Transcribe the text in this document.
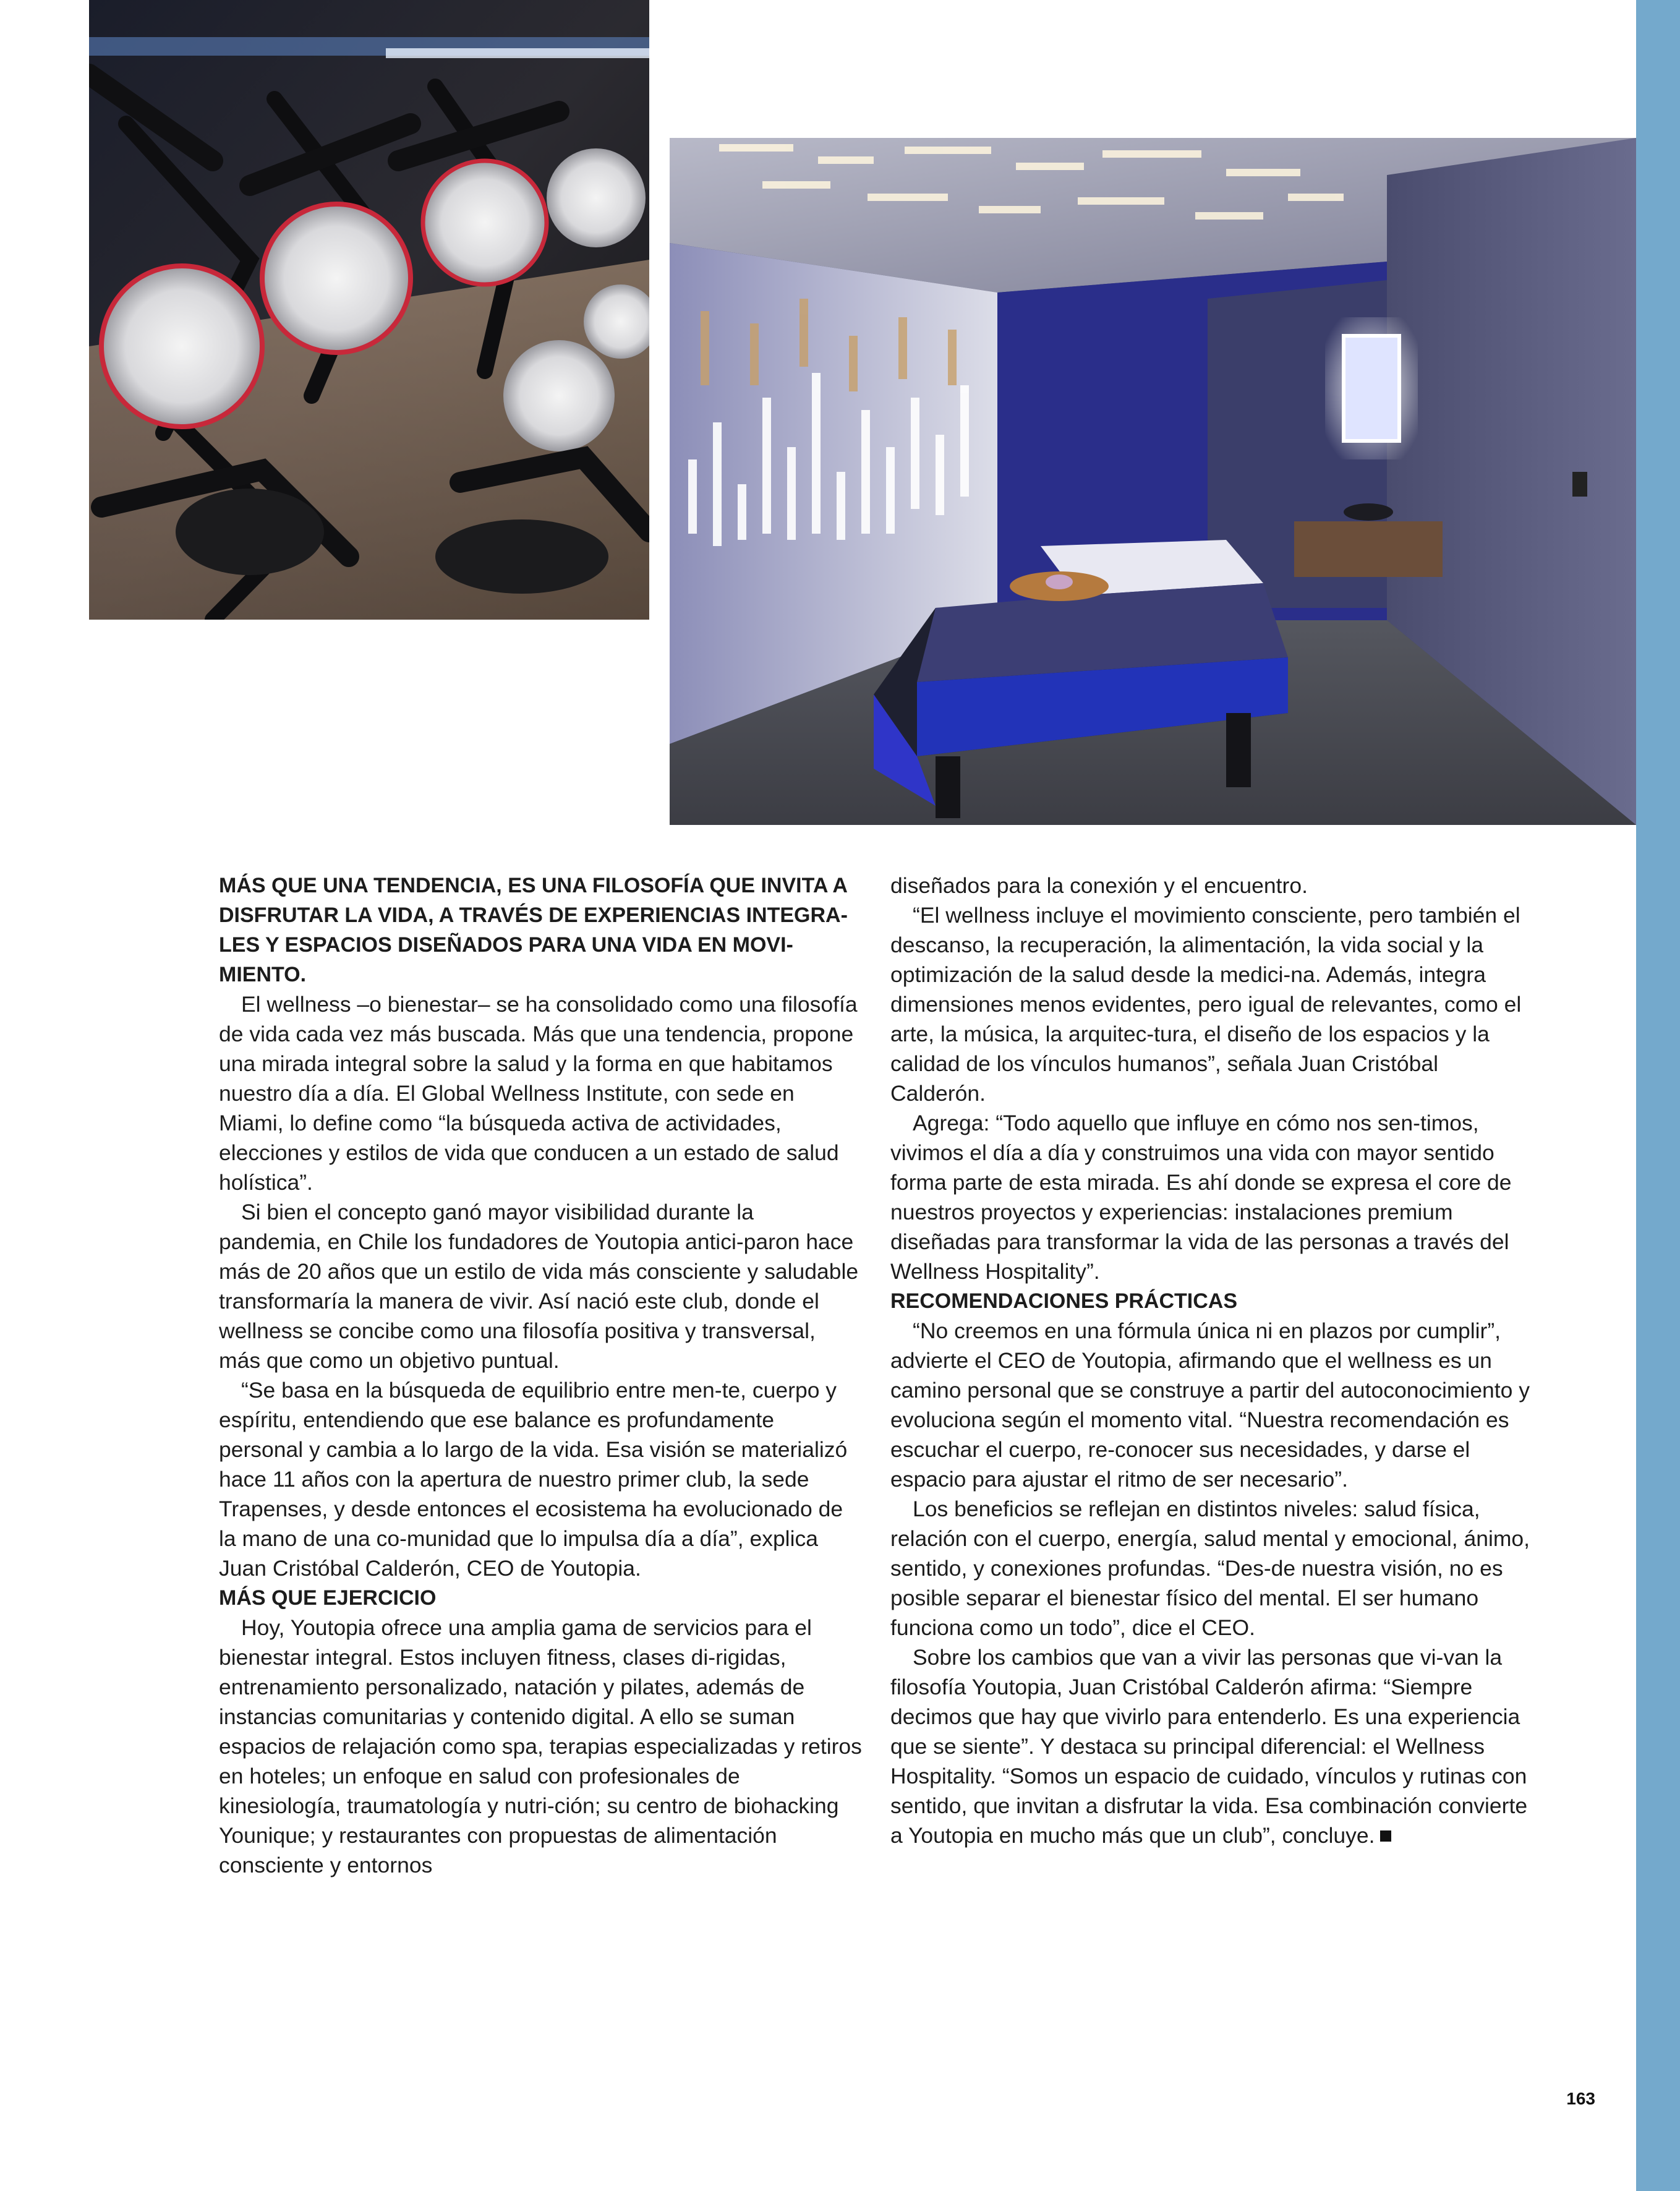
MÁS QUE UNA TENDENCIA, ES UNA FILOSOFÍA QUE INVITA A DISFRUTAR LA VIDA, A TRAVÉS DE EXPERIENCIAS INTEGRA-LES Y ESPACIOS DISEÑADOS PARA UNA VIDA EN MOVI-MIENTO.

El wellness –o bienestar– se ha consolidado como una filosofía de vida cada vez más buscada. Más que una tendencia, propone una mirada integral sobre la salud y la forma en que habitamos nuestro día a día. El Global Wellness Institute, con sede en Miami, lo define como “la búsqueda activa de actividades, elecciones y estilos de vida que conducen a un estado de salud holística”.

Si bien el concepto ganó mayor visibilidad durante la pandemia, en Chile los fundadores de Youtopia antici-paron hace más de 20 años que un estilo de vida más consciente y saludable transformaría la manera de vivir. Así nació este club, donde el wellness se concibe como una filosofía positiva y transversal, más que como un objetivo puntual.

“Se basa en la búsqueda de equilibrio entre men-te, cuerpo y espíritu, entendiendo que ese balance es profundamente personal y cambia a lo largo de la vida. Esa visión se materializó hace 11 años con la apertura de nuestro primer club, la sede Trapenses, y desde entonces el ecosistema ha evolucionado de la mano de una co-munidad que lo impulsa día a día”, explica Juan Cristóbal Calderón, CEO de Youtopia.

MÁS QUE EJERCICIO

Hoy, Youtopia ofrece una amplia gama de servicios para el bienestar integral. Estos incluyen fitness, clases di-rigidas, entrenamiento personalizado, natación y pilates, además de instancias comunitarias y contenido digital. A ello se suman espacios de relajación como spa, terapias especializadas y retiros en hoteles; un enfoque en salud con profesionales de kinesiología, traumatología y nutri-ción; su centro de biohacking Younique; y restaurantes con propuestas de alimentación consciente y entornos

diseñados para la conexión y el encuentro.

“El wellness incluye el movimiento consciente, pero también el descanso, la recuperación, la alimentación, la vida social y la optimización de la salud desde la medici-na. Además, integra dimensiones menos evidentes, pero igual de relevantes, como el arte, la música, la arquitec-tura, el diseño de los espacios y la calidad de los vínculos humanos”, señala Juan Cristóbal Calderón.

Agrega: “Todo aquello que influye en cómo nos sen-timos, vivimos el día a día y construimos una vida con mayor sentido forma parte de esta mirada. Es ahí donde se expresa el core de nuestros proyectos y experiencias: instalaciones premium diseñadas para transformar la vida de las personas a través del Wellness Hospitality”.

RECOMENDACIONES PRÁCTICAS

“No creemos en una fórmula única ni en plazos por cumplir”, advierte el CEO de Youtopia, afirmando que el wellness es un camino personal que se construye a partir del autoconocimiento y evoluciona según el momento vital. “Nuestra recomendación es escuchar el cuerpo, re-conocer sus necesidades, y darse el espacio para ajustar el ritmo de ser necesario”.

Los beneficios se reflejan en distintos niveles: salud física, relación con el cuerpo, energía, salud mental y emocional, ánimo, sentido, y conexiones profundas. “Des-de nuestra visión, no es posible separar el bienestar físico del mental. El ser humano funciona como un todo”, dice el CEO.

Sobre los cambios que van a vivir las personas que vi-van la filosofía Youtopia, Juan Cristóbal Calderón afirma: “Siempre decimos que hay que vivirlo para entenderlo. Es una experiencia que se siente”. Y destaca su principal diferencial: el Wellness Hospitality. “Somos un espacio de cuidado, vínculos y rutinas con sentido, que invitan a disfrutar la vida. Esa combinación convierte a Youtopia en mucho más que un club”, concluye.

163
